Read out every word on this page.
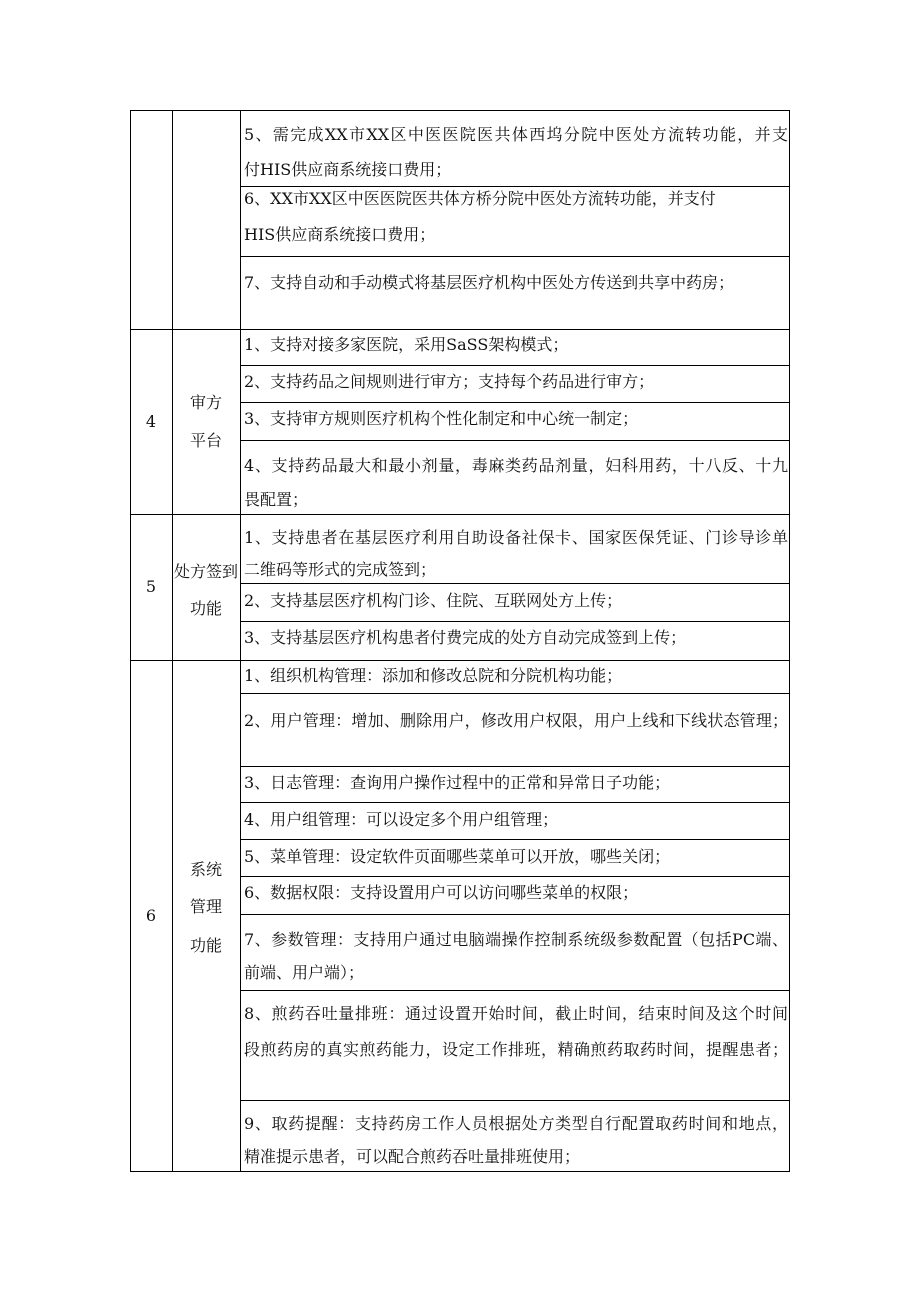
5、需完成XX市XX区中医医院医共体西坞分院中医处方流转功能，并支
付HIS供应商系统接口费用；
6、XX市XX区中医医院医共体方桥分院中医处方流转功能，并支付
HIS供应商系统接口费用；
7、支持自动和手动模式将基层医疗机构中医处方传送到共享中药房；
4
审方
平台
1、支持对接多家医院，采用SaSS架构模式；
2、支持药品之间规则进行审方；支持每个药品进行审方；
3、支持审方规则医疗机构个性化制定和中心统一制定；
4、支持药品最大和最小剂量，毒麻类药品剂量，妇科用药，十八反、十九
畏配置；
5
处方签到
功能
1、支持患者在基层医疗利用自助设备社保卡、国家医保凭证、门诊导诊单
二维码等形式的完成签到；
2、支持基层医疗机构门诊、住院、互联网处方上传；
3、支持基层医疗机构患者付费完成的处方自动完成签到上传；
6
系统
管理
功能
1、组织机构管理：添加和修改总院和分院机构功能；
2、用户管理：增加、删除用户，修改用户权限，用户上线和下线状态管理；
3、日志管理：查询用户操作过程中的正常和异常日子功能；
4、用户组管理：可以设定多个用户组管理；
5、菜单管理：设定软件页面哪些菜单可以开放，哪些关闭；
6、数据权限：支持设置用户可以访问哪些菜单的权限；
7、参数管理：支持用户通过电脑端操作控制系统级参数配置（包括PC端、
前端、用户端）；
8、煎药吞吐量排班：通过设置开始时间，截止时间，结束时间及这个时间
段煎药房的真实煎药能力，设定工作排班，精确煎药取药时间，提醒患者；
9、取药提醒：支持药房工作人员根据处方类型自行配置取药时间和地点，
精准提示患者，可以配合煎药吞吐量排班使用；
